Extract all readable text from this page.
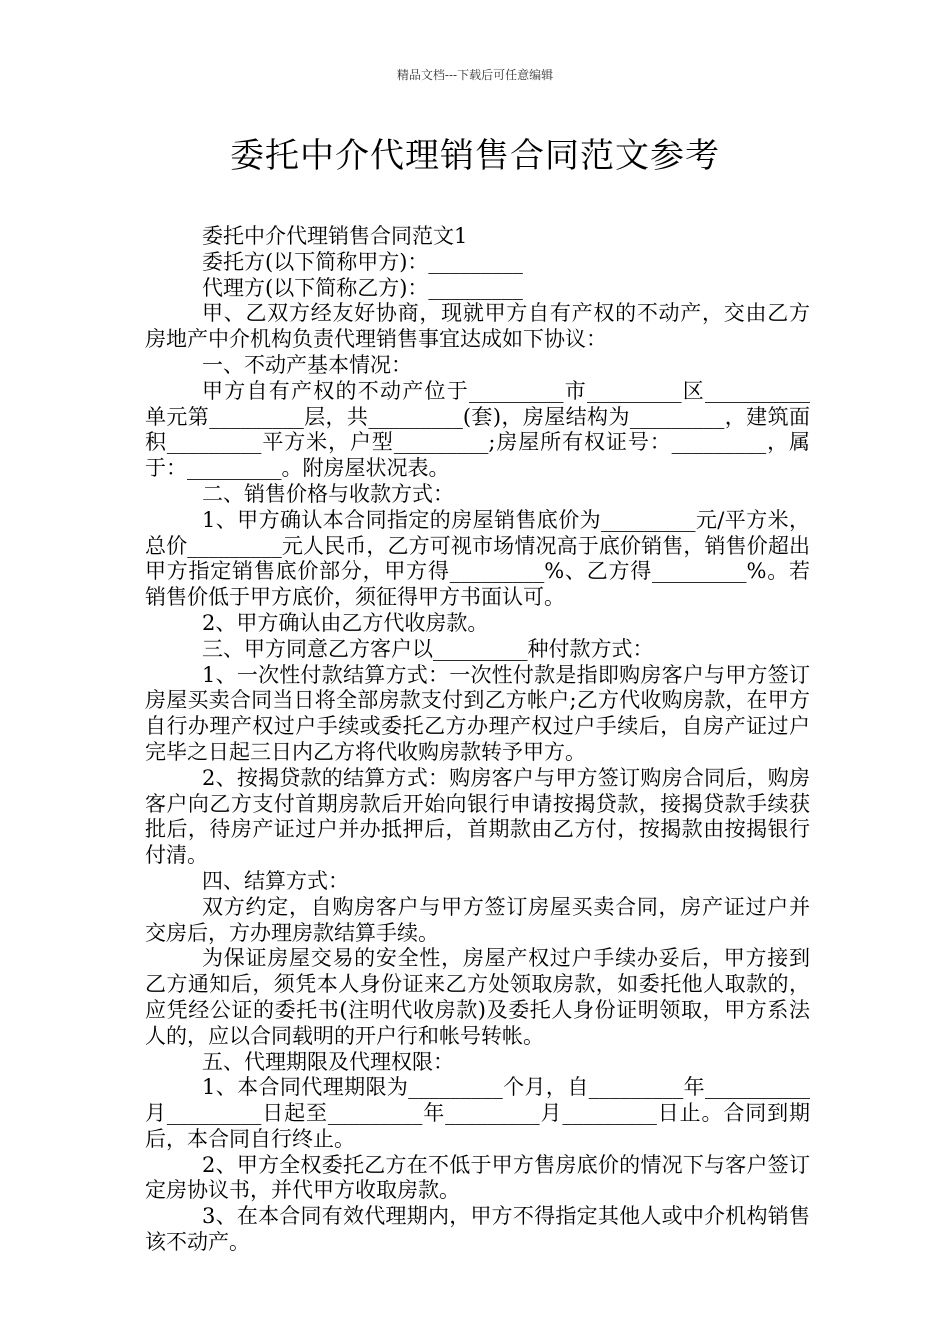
精品文档---下载后可任意编辑
委托中介代理销售合同范文参考

委托中介代理销售合同范文1

委托方(以下简称甲方)：_________

代理方(以下简称乙方)：_________

甲、乙双方经友好协商，现就甲方自有产权的不动产，交由乙方房地产中介机构负责代理销售事宜达成如下协议：

一、不动产基本情况：

甲方自有产权的不动产位于_________市_________区__________单元第_________层，共_________(套)，房屋结构为_________，建筑面积_________平方米，户型_________;房屋所有权证号：_________，属于：_________。附房屋状况表。

二、销售价格与收款方式：

1、甲方确认本合同指定的房屋销售底价为_________元/平方米，总价_________元人民币，乙方可视市场情况高于底价销售，销售价超出甲方指定销售底价部分，甲方得_________%、乙方得_________%。若销售价低于甲方底价，须征得甲方书面认可。

2、甲方确认由乙方代收房款。

三、甲方同意乙方客户以_________种付款方式：

1、一次性付款结算方式：一次性付款是指即购房客户与甲方签订房屋买卖合同当日将全部房款支付到乙方帐户;乙方代收购房款，在甲方自行办理产权过户手续或委托乙方办理产权过户手续后，自房产证过户完毕之日起三日内乙方将代收购房款转予甲方。

2、按揭贷款的结算方式：购房客户与甲方签订购房合同后，购房客户向乙方支付首期房款后开始向银行申请按揭贷款，接揭贷款手续获批后，待房产证过户并办抵押后，首期款由乙方付，按揭款由按揭银行付清。

四、结算方式：

双方约定，自购房客户与甲方签订房屋买卖合同，房产证过户并交房后，方办理房款结算手续。

为保证房屋交易的安全性，房屋产权过户手续办妥后，甲方接到乙方通知后，须凭本人身份证来乙方处领取房款，如委托他人取款的，应凭经公证的委托书(注明代收房款)及委托人身份证明领取，甲方系法人的，应以合同载明的开户行和帐号转帐。

五、代理期限及代理权限：

1、本合同代理期限为_________个月，自_________年__________月_________日起至_________年_________月_________日止。合同到期后，本合同自行终止。

2、甲方全权委托乙方在不低于甲方售房底价的情况下与客户签订定房协议书，并代甲方收取房款。

3、在本合同有效代理期内，甲方不得指定其他人或中介机构销售该不动产。
